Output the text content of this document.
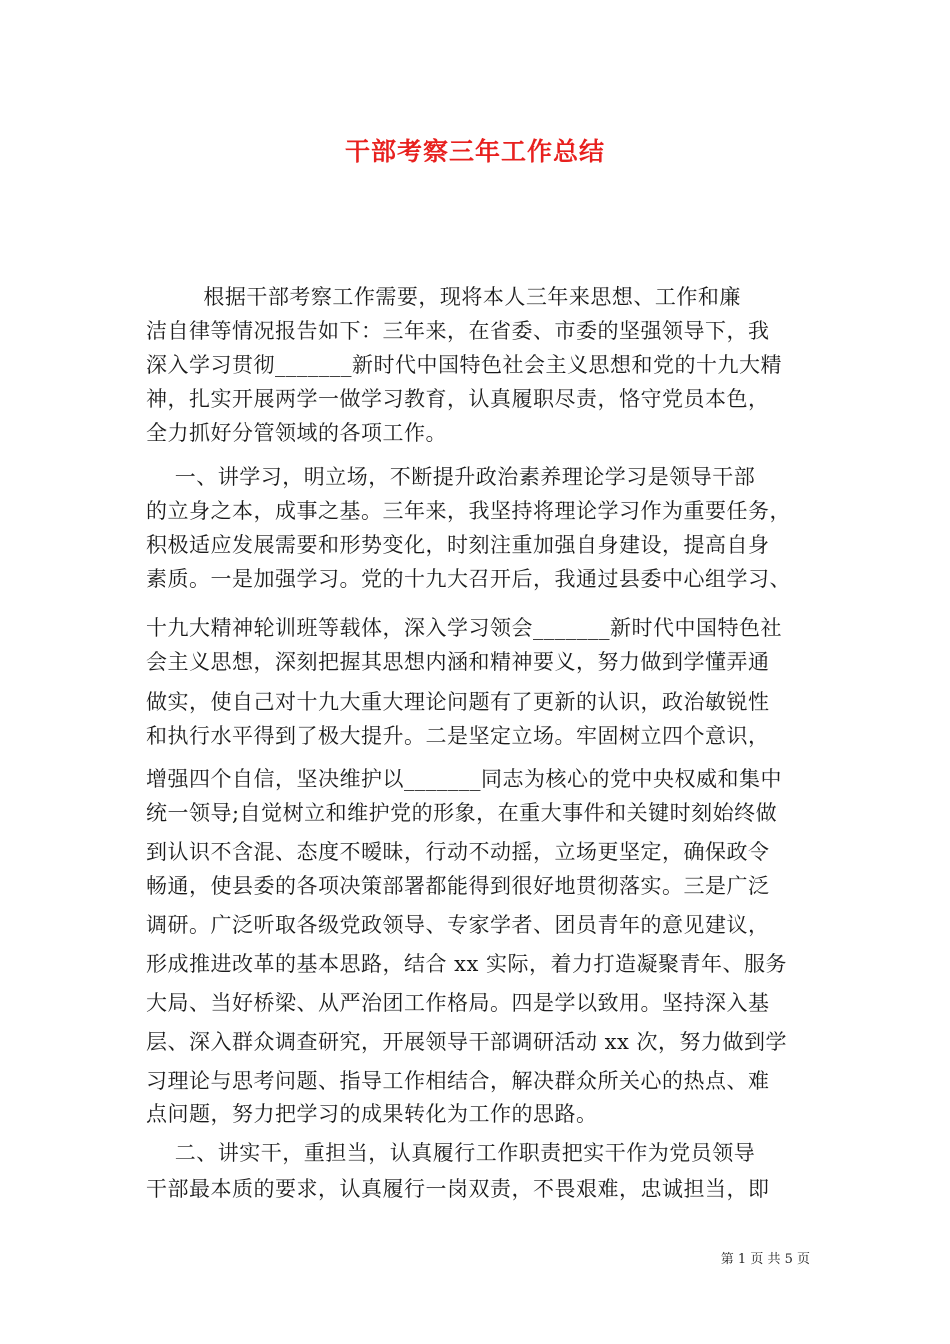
干部考察三年工作总结
根据干部考察工作需要，现将本人三年来思想、工作和廉
洁自律等情况报告如下：三年来，在省委、市委的坚强领导下，我
深入学习贯彻_______新时代中国特色社会主义思想和党的十九大精
神，扎实开展两学一做学习教育，认真履职尽责，恪守党员本色，
全力抓好分管领域的各项工作。
一、讲学习，明立场，不断提升政治素养理论学习是领导干部
的立身之本，成事之基。三年来，我坚持将理论学习作为重要任务，
积极适应发展需要和形势变化，时刻注重加强自身建设，提高自身
素质。一是加强学习。党的十九大召开后，我通过县委中心组学习、
十九大精神轮训班等载体，深入学习领会_______新时代中国特色社
会主义思想，深刻把握其思想内涵和精神要义，努力做到学懂弄通
做实，使自己对十九大重大理论问题有了更新的认识，政治敏锐性
和执行水平得到了极大提升。二是坚定立场。牢固树立四个意识，
增强四个自信，坚决维护以_______同志为核心的党中央权威和集中
统一领导;自觉树立和维护党的形象，在重大事件和关键时刻始终做
到认识不含混、态度不暧昧，行动不动摇，立场更坚定，确保政令
畅通，使县委的各项决策部署都能得到很好地贯彻落实。三是广泛
调研。广泛听取各级党政领导、专家学者、团员青年的意见建议，
形成推进改革的基本思路，结合 xx 实际，着力打造凝聚青年、服务
大局、当好桥梁、从严治团工作格局。四是学以致用。坚持深入基
层、深入群众调查研究，开展领导干部调研活动 xx 次，努力做到学
习理论与思考问题、指导工作相结合，解决群众所关心的热点、难
点问题，努力把学习的成果转化为工作的思路。
二、讲实干，重担当，认真履行工作职责把实干作为党员领导
干部最本质的要求，认真履行一岗双责，不畏艰难，忠诚担当，即
第 1 页 共 5 页
